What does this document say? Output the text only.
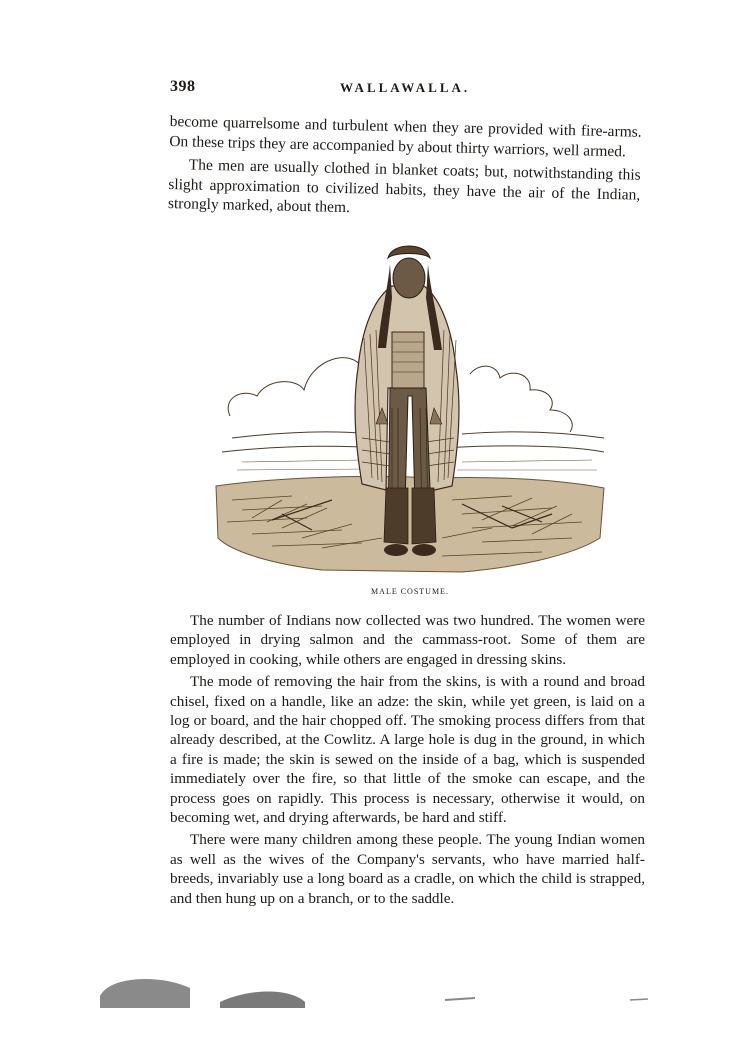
398	WALLAWALLA.

become quarrelsome and turbulent when they are provided with fire-arms. On these trips they are accompanied by about thirty warriors, well armed.

The men are usually clothed in blanket coats; but, notwithstanding this slight approximation to civilized habits, they have the air of the Indian, strongly marked, about them.

MALE COSTUME.

The number of Indians now collected was two hundred. The women were employed in drying salmon and the cammass-root. Some of them are employed in cooking, while others are engaged in dressing skins.

The mode of removing the hair from the skins, is with a round and broad chisel, fixed on a handle, like an adze: the skin, while yet green, is laid on a log or board, and the hair chopped off. The smoking process differs from that already described, at the Cowlitz. A large hole is dug in the ground, in which a fire is made; the skin is sewed on the inside of a bag, which is suspended immediately over the fire, so that little of the smoke can escape, and the process goes on rapidly. This process is necessary, otherwise it would, on becoming wet, and drying afterwards, be hard and stiff.

There were many children among these people. The young Indian women as well as the wives of the Company's servants, who have married half-breeds, invariably use a long board as a cradle, on which the child is strapped, and then hung up on a branch, or to the saddle.
